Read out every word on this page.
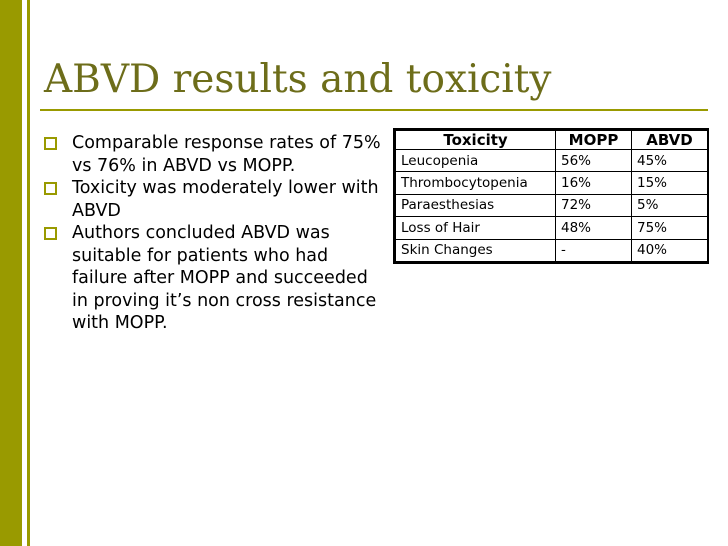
ABVD results and toxicity
Comparable response rates of 75% vs 76% in ABVD vs MOPP.
Toxicity was moderately lower with ABVD
Authors concluded ABVD was suitable for patients who had failure after MOPP and succeeded in proving it’s non cross resistance with MOPP.
Toxicity	MOPP	ABVD
Leucopenia	56%	45%
Thrombocytopenia	16%	15%
Paraesthesias	72%	5%
Loss of Hair	48%	75%
Skin Changes	-	40%
